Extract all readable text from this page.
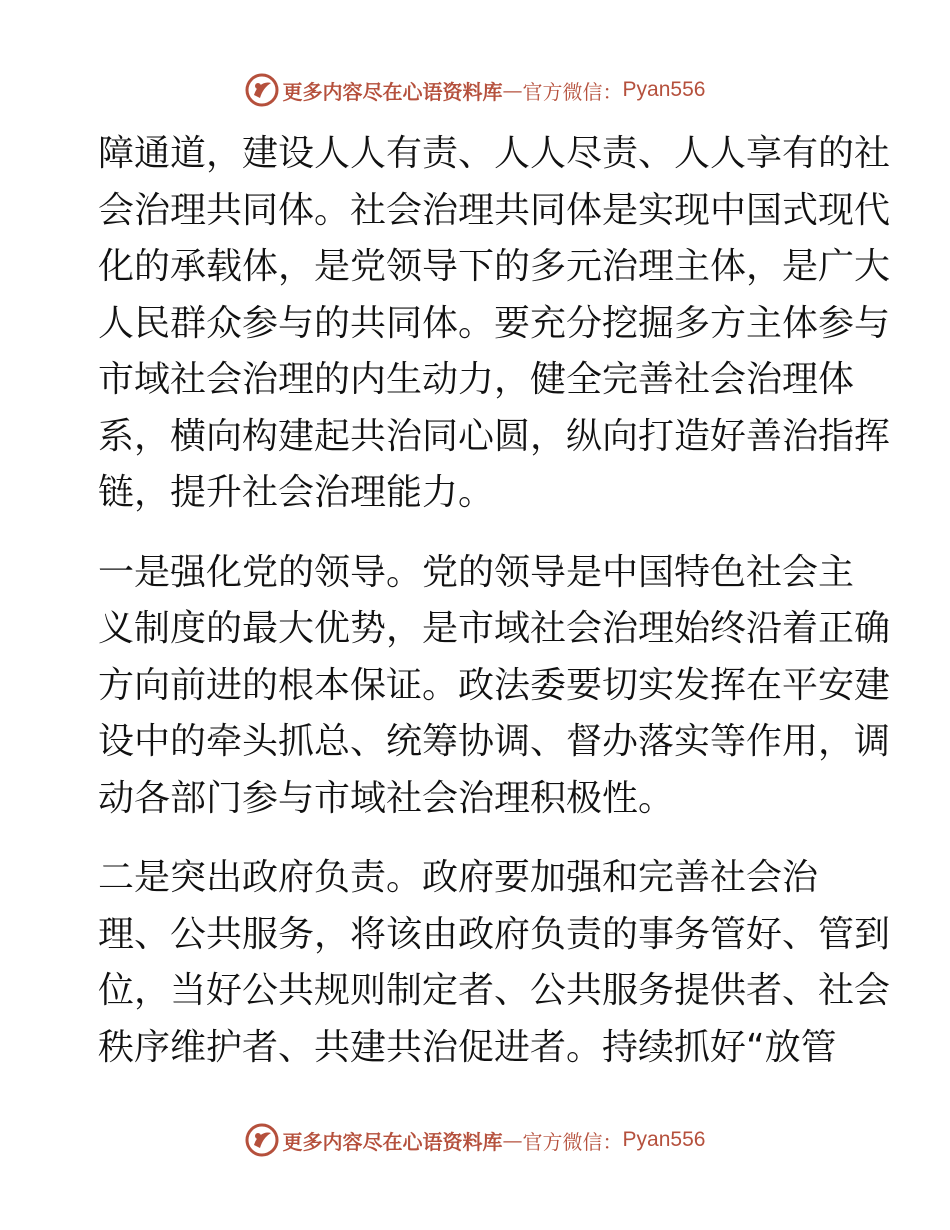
更多内容尽在心语资料库 — 官方微信： Pyan556
障通道，建设人人有责、人人尽责、人人享有的社
会治理共同体。社会治理共同体是实现中国式现代
化的承载体，是党领导下的多元治理主体，是广大
人民群众参与的共同体。要充分挖掘多方主体参与
市域社会治理的内生动力，健全完善社会治理体
系，横向构建起共治同心圆，纵向打造好善治指挥
链，提升社会治理能力。
一是强化党的领导。党的领导是中国特色社会主
义制度的最大优势，是市域社会治理始终沿着正确
方向前进的根本保证。政法委要切实发挥在平安建
设中的牵头抓总、统筹协调、督办落实等作用，调
动各部门参与市域社会治理积极性。
二是突出政府负责。政府要加强和完善社会治
理、公共服务，将该由政府负责的事务管好、管到
位，当好公共规则制定者、公共服务提供者、社会
秩序维护者、共建共治促进者。持续抓好“放管
更多内容尽在心语资料库 — 官方微信： Pyan556
